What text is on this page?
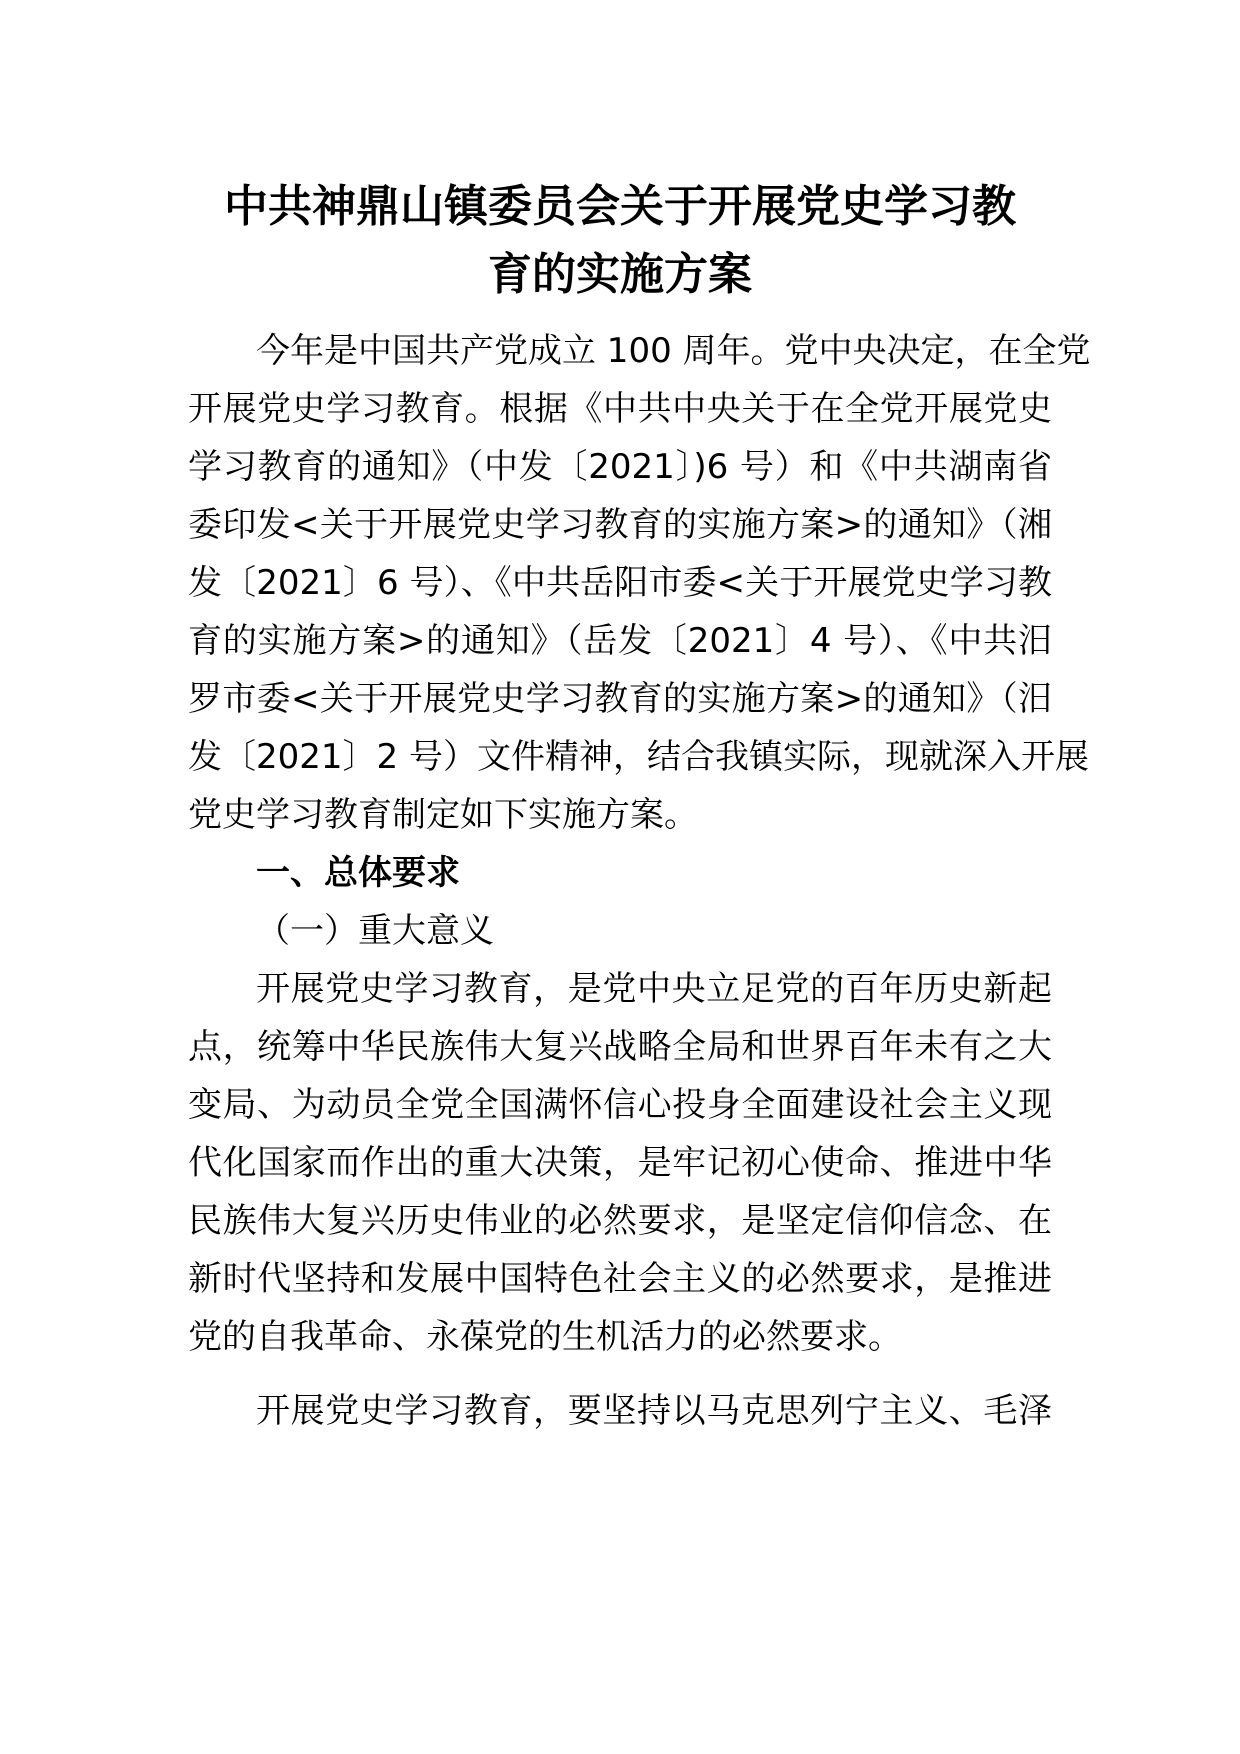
中共神鼎山镇委员会关于开展党史学习教
育的实施方案

今年是中国共产党成立 100 周年。党中央决定，在全党

开展党史学习教育。根据《中共中央关于在全党开展党史

学习教育的通知》（中发〔2021〕)6 号）和《中共湖南省

委印发<关于开展党史学习教育的实施方案>的通知》（湘

发〔2021〕6 号）、《中共岳阳市委<关于开展党史学习教

育的实施方案>的通知》（岳发〔2021〕4 号）、《中共汨

罗市委<关于开展党史学习教育的实施方案>的通知》（汨

发〔2021〕2 号）文件精神，结合我镇实际，现就深入开展

党史学习教育制定如下实施方案。

一、总体要求

（一）重大意义

开展党史学习教育，是党中央立足党的百年历史新起

点，统筹中华民族伟大复兴战略全局和世界百年未有之大

变局、为动员全党全国满怀信心投身全面建设社会主义现

代化国家而作出的重大决策，是牢记初心使命、推进中华

民族伟大复兴历史伟业的必然要求，是坚定信仰信念、在

新时代坚持和发展中国特色社会主义的必然要求，是推进

党的自我革命、永葆党的生机活力的必然要求。

开展党史学习教育，要坚持以马克思列宁主义、毛泽
